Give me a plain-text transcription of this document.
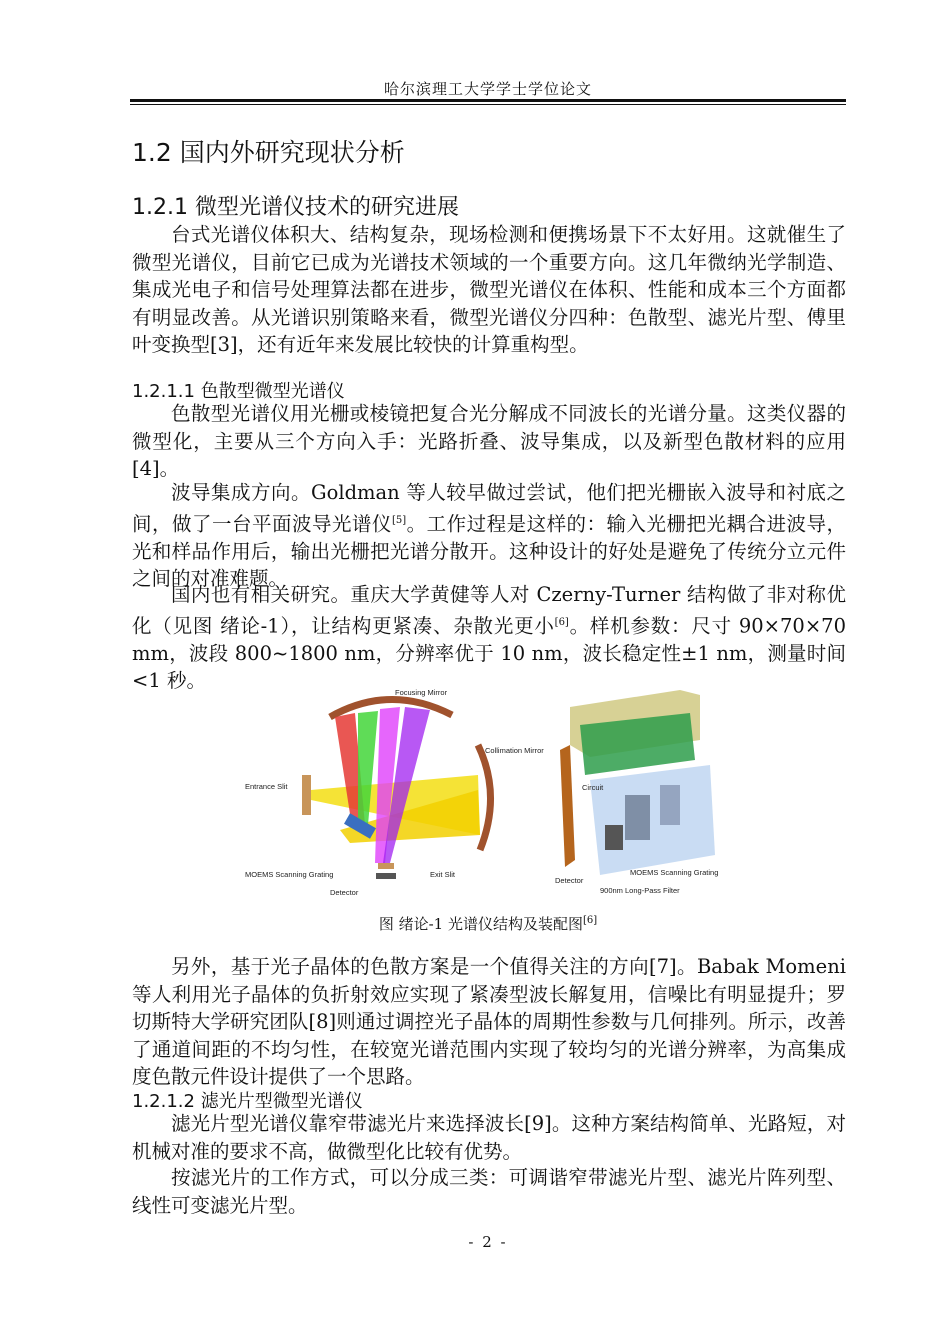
哈尔滨理工大学学士学位论文
1.2 国内外研究现状分析
1.2.1 微型光谱仪技术的研究进展

台式光谱仪体积大、结构复杂，现场检测和便携场景下不太好用。这就催生了微型光谱仪，目前它已成为光谱技术领域的一个重要方向。这几年微纳光学制造、集成光电子和信号处理算法都在进步，微型光谱仪在体积、性能和成本三个方面都有明显改善。从光谱识别策略来看，微型光谱仪分四种：色散型、滤光片型、傅里叶变换型[3]，还有近年来发展比较快的计算重构型。

1.2.1.1 色散型微型光谱仪

色散型光谱仪用光栅或棱镜把复合光分解成不同波长的光谱分量。这类仪器的微型化，主要从三个方向入手：光路折叠、波导集成，以及新型色散材料的应用[4]。

波导集成方向。Goldman 等人较早做过尝试，他们把光栅嵌入波导和衬底之间，做了一台平面波导光谱仪[5]。工作过程是这样的：输入光栅把光耦合进波导，光和样品作用后，输出光栅把光谱分散开。这种设计的好处是避免了传统分立元件之间的对准难题。

国内也有相关研究。重庆大学黄健等人对 Czerny-Turner 结构做了非对称优化（见图 绪论-1），让结构更紧凑、杂散光更小[6]。样机参数：尺寸 90×70×70 mm，波段 800~1800 nm，分辨率优于 10 nm，波长稳定性±1 nm，测量时间<1 秒。

Focusing Mirror
Collimation Mirror
Entrance Slit
MOEMS Scanning Grating
Detector
Exit Slit
Circuit
Detector
MOEMS Scanning Grating
900nm Long-Pass Filter
图 绪论-1 光谱仪结构及装配图[6]

另外，基于光子晶体的色散方案是一个值得关注的方向[7]。Babak Momeni 等人利用光子晶体的负折射效应实现了紧凑型波长解复用，信噪比有明显提升；罗切斯特大学研究团队[8]则通过调控光子晶体的周期性参数与几何排列。所示，改善了通道间距的不均匀性，在较宽光谱范围内实现了较均匀的光谱分辨率，为高集成度色散元件设计提供了一个思路。

1.2.1.2 滤光片型微型光谱仪

滤光片型光谱仪靠窄带滤光片来选择波长[9]。这种方案结构简单、光路短，对机械对准的要求不高，做微型化比较有优势。

按滤光片的工作方式，可以分成三类：可调谐窄带滤光片型、滤光片阵列型、线性可变滤光片型。

- 2 -
